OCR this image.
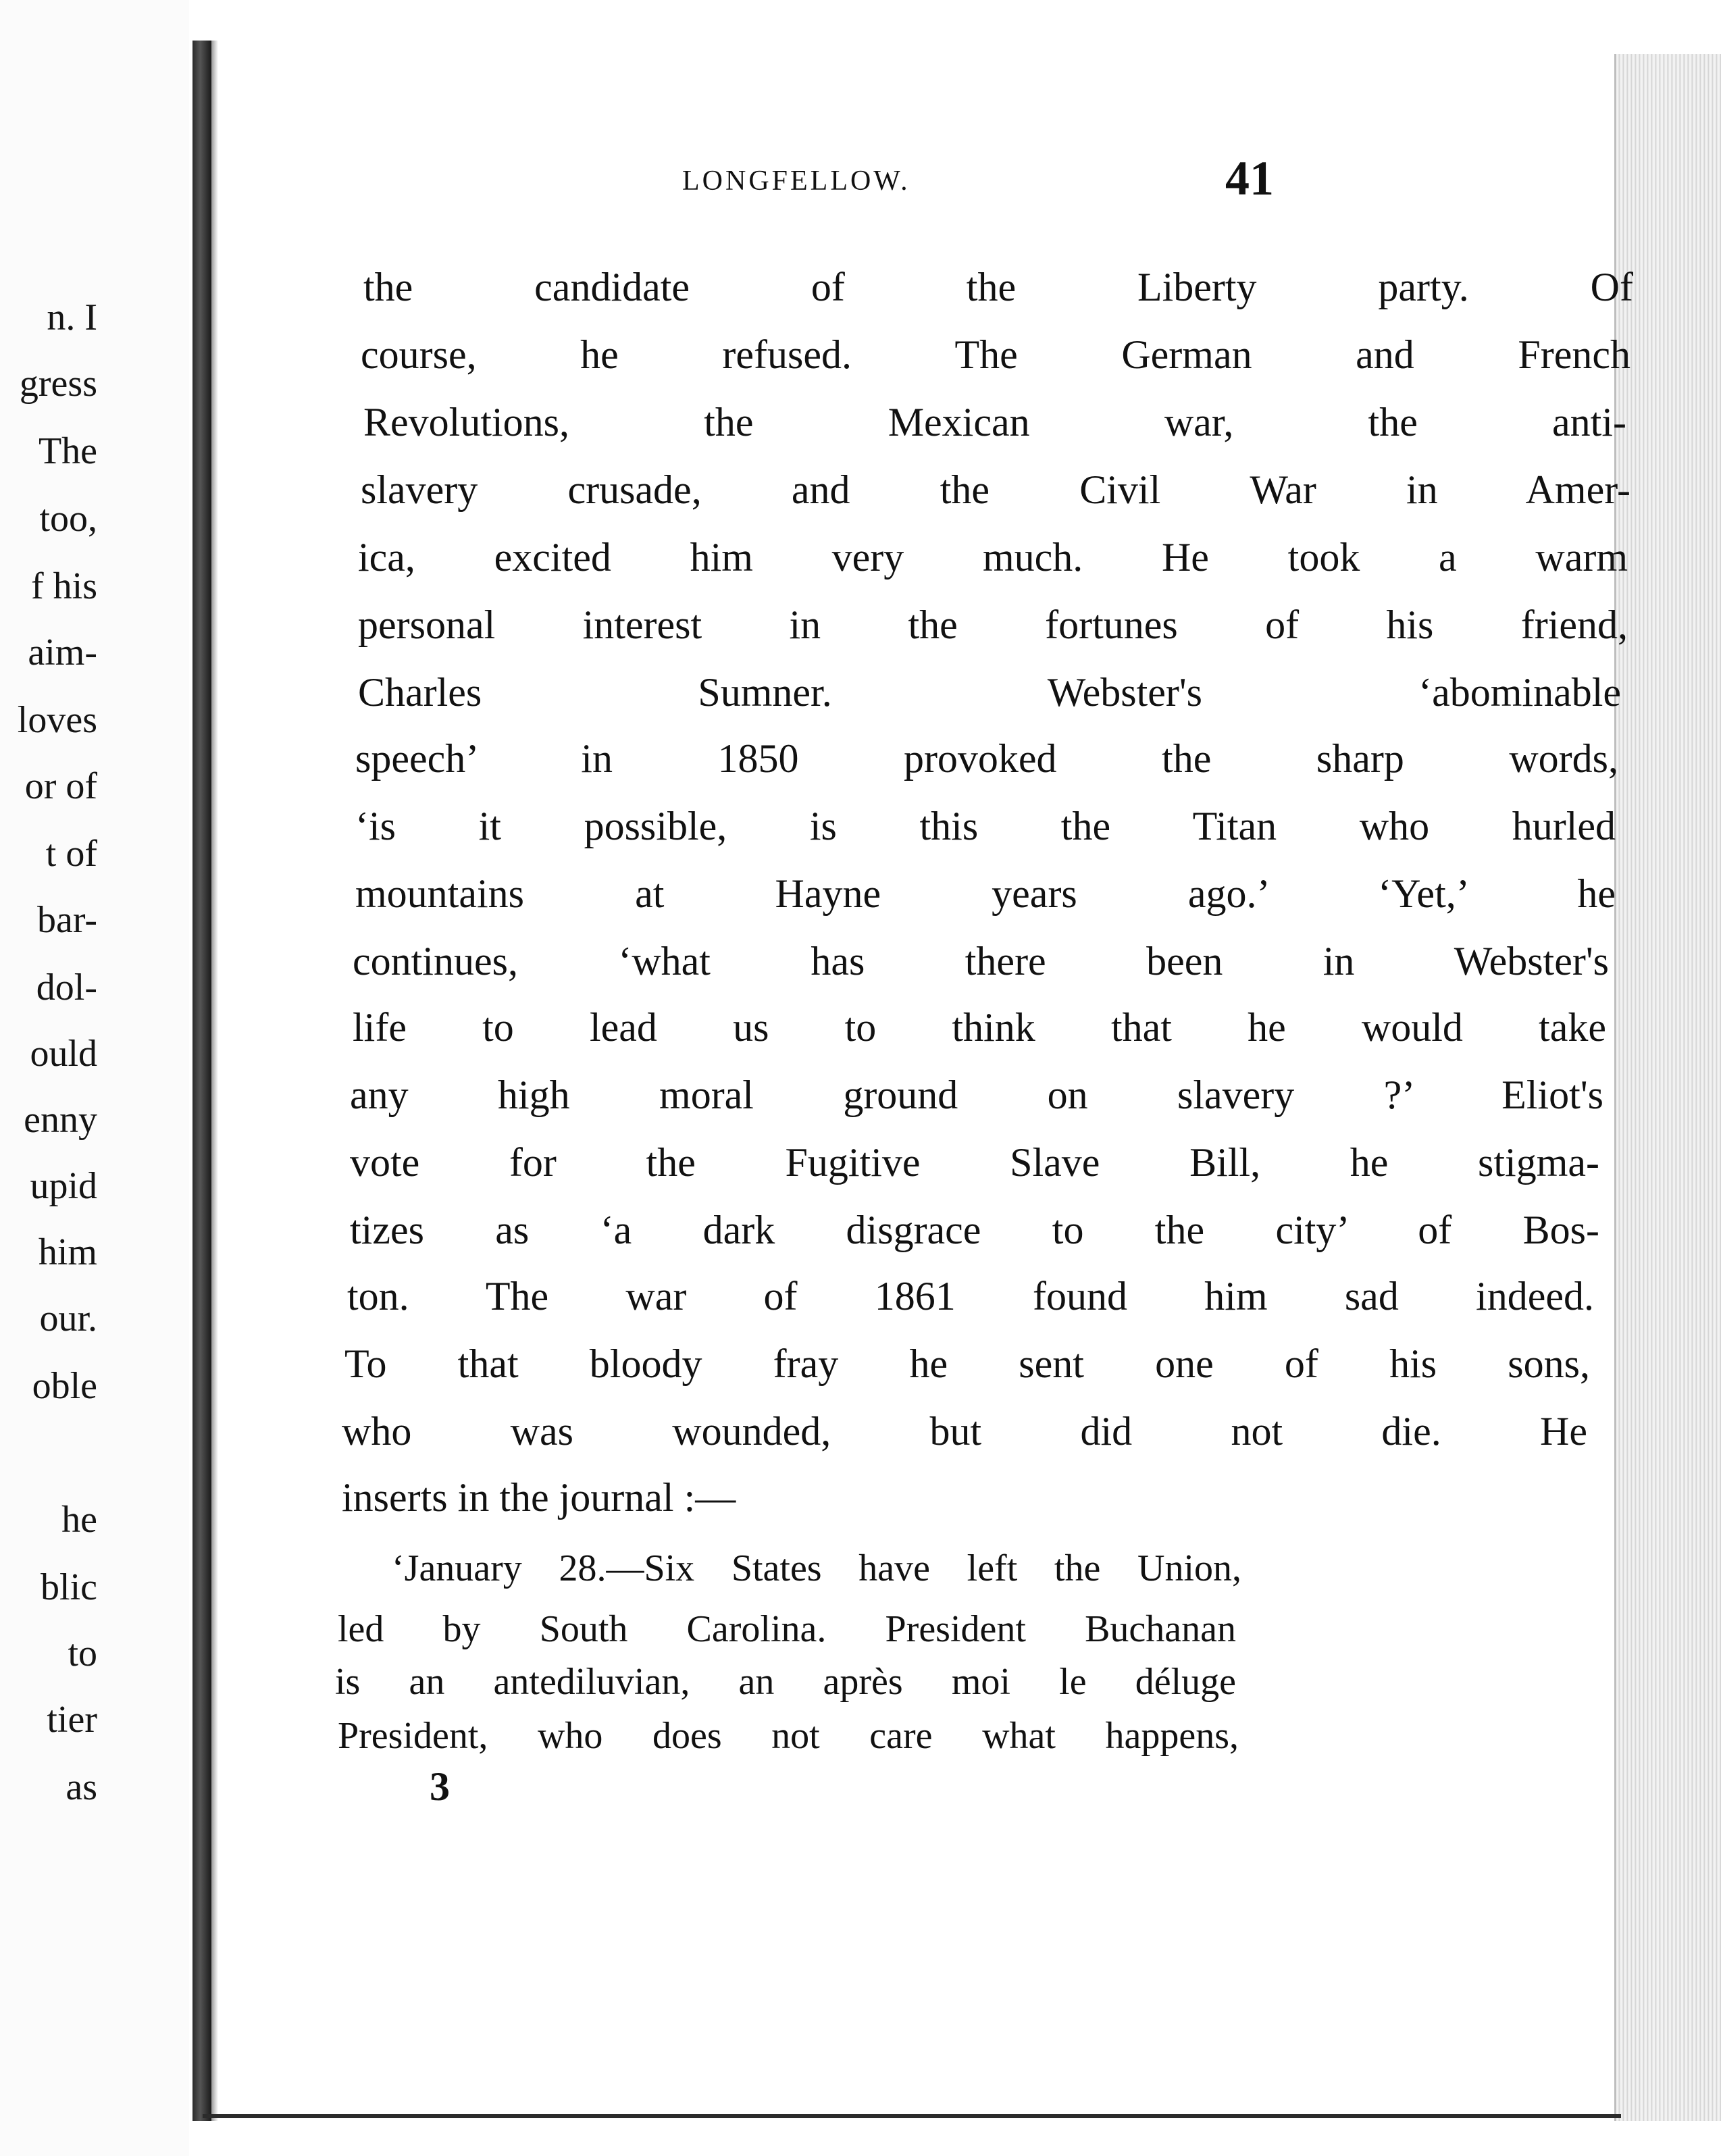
n. I
gress
The
too,
f his
aim-
loves
or of
t of
bar-
dol-
ould
enny
upid
him
our.
oble
he
blic
to
tier
as
LONGFELLOW.	41
the candidate of the Liberty party. Of
course, he refused. The German and French
Revolutions, the Mexican war, the anti-
slavery crusade, and the Civil War in Amer-
ica, excited him very much. He took a warm
personal interest in the fortunes of his friend,
Charles Sumner. Webster's ‘abominable
speech’ in 1850 provoked the sharp words,
‘is it possible, is this the Titan who hurled
mountains at Hayne years ago.’ ‘Yet,’ he
continues, ‘what has there been in Webster's
life to lead us to think that he would take
any high moral ground on slavery ?’ Eliot's
vote for the Fugitive Slave Bill, he stigma-
tizes as ‘a dark disgrace to the city’ of Bos-
ton. The war of 1861 found him sad indeed.
To that bloody fray he sent one of his sons,
who was wounded, but did not die. He
inserts in the journal :—
‘January 28.—Six States have left the Union,
led by South Carolina. President Buchanan
is an antediluvian, an après moi le déluge
President, who does not care what happens,
3
